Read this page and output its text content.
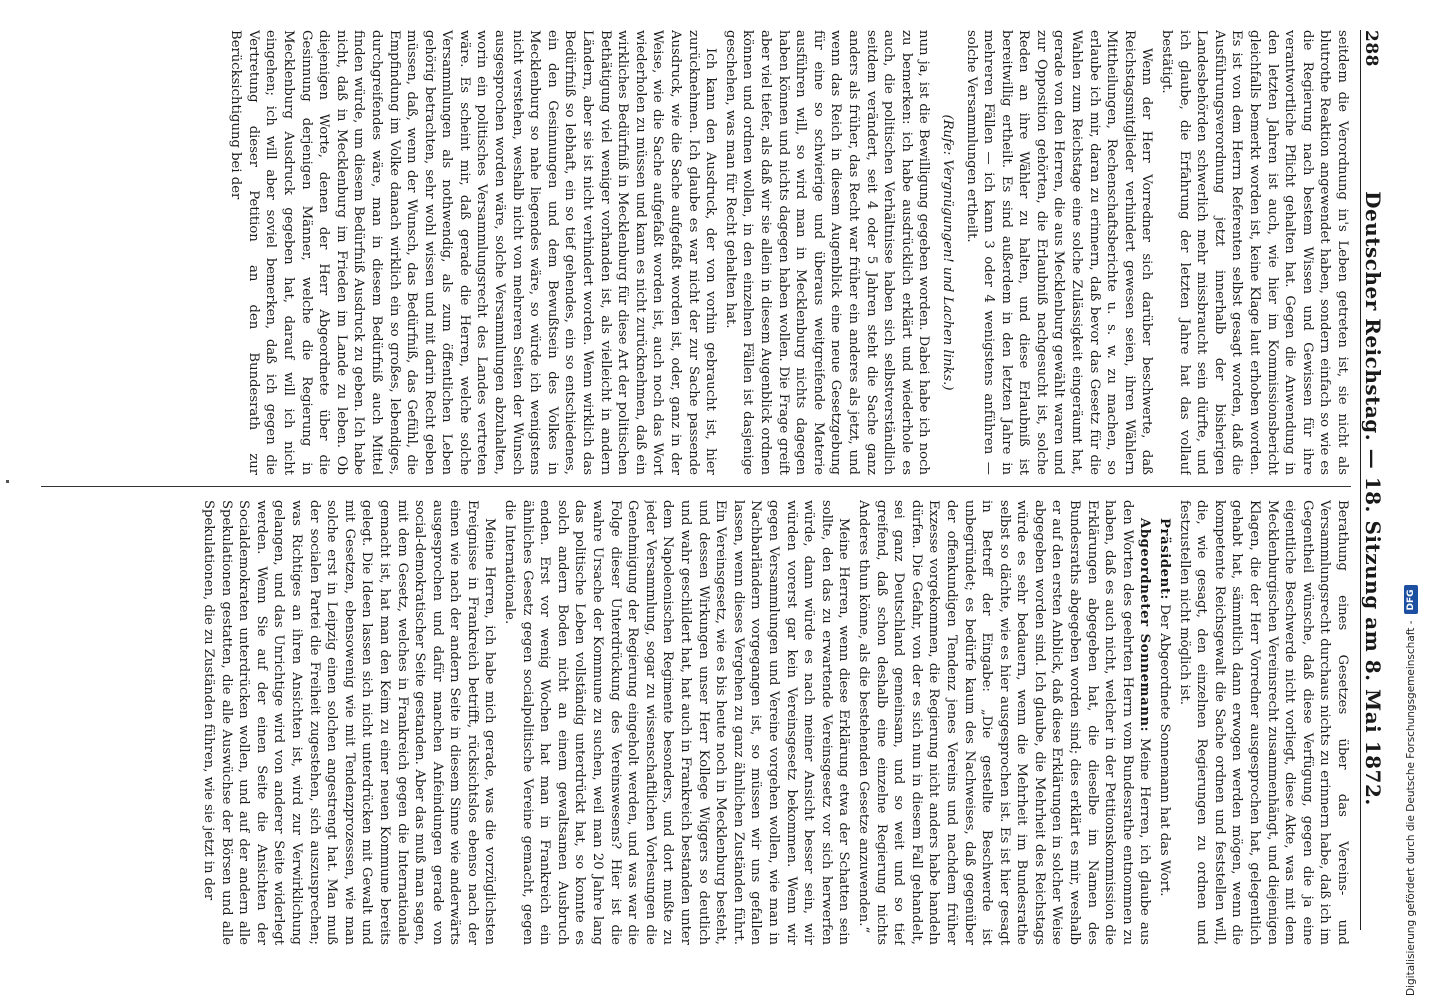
288
Deutscher Reichstag. — 18. Sitzung am 8. Mai 1872.

seitdem die Verordnung in's Leben getreten ist, sie nicht als blutrothe Reaktion angewendet haben, sondern einfach so wie es die Regierung nach bestem Wissen und Gewissen für ihre verantwortliche Pflicht gehalten hat. Gegen die Anwendung in den letzten Jahren ist auch, wie hier im Kommissionsbericht gleichfalls bemerkt worden ist, keine Klage laut erhoben worden. Es ist von dem Herrn Referenten selbst gesagt worden, daß die Ausführungsverordnung jetzt innerhalb der bisherigen Landesbehörden schwerlich mehr missbraucht sein dürfte, und ich glaube, die Erfahrung der letzten Jahre hat das vollauf bestätigt.

Wenn der Herr Vorredner sich darüber beschwerte, daß Reichstagsmitglieder verhindert gewesen seien, ihren Wählern Mittheilungen, Rechenschaftsberichte u. s. w. zu machen, so erlaube ich mir, daran zu erinnern, daß bevor das Gesetz für die Wahlen zum Reichstage eine solche Zulässigkeit eingeräumt hat, gerade von den Herren, die aus Mecklenburg gewählt waren und zur Opposition gehörten, die Erlaubniß nachgesucht ist, solche Reden an ihre Wähler zu halten, und diese Erlaubniß ist bereitwillig ertheilt. Es sind außerdem in den letzten Jahre in mehreren Fällen — ich kann 3 oder 4 wenigstens anführen — solche Versammlungen ertheilt.

(Rufe: Vergnügungen! und Lachen links.)

nun ja, ist die Bewilligung gegeben worden. Dabei habe ich noch zu bemerken: ich habe ausdrücklich erklärt und wiederhole es auch, die politischen Verhältnisse haben sich selbstverständlich seitdem verändert, seit 4 oder 5 Jahren steht die Sache ganz anders als früher, das Recht war früher ein anderes als jetzt, und wenn das Reich in diesem Augenblick eine neue Gesetzgebung für eine so schwierige und überaus weitgreifende Materie ausführen will, so wird man in Mecklenburg nichts dagegen haben können und nichts dagegen haben wollen. Die Frage greift aber viel tiefer, als daß wir sie allein in diesem Augenblick ordnen können und ordnen wollen, in den einzelnen Fällen ist dasjenige geschehen, was man für Recht gehalten hat.

Ich kann den Ausdruck, der von vorhin gebraucht ist, hier zurücknehmen. Ich glaube es war nicht der zur Sache passende Ausdruck, wie die Sache aufgefaßt worden ist, oder, ganz in der Weise, wie die Sache aufgefaßt worden ist, auch noch das Wort wiederholen zu müssen und kann es nicht zurücknehmen, daß ein wirkliches Bedürfniß in Mecklenburg für diese Art der politischen Bethätigung viel weniger vorhanden ist, als vielleicht in andern Ländern, aber sie ist nicht verhindert worden. Wenn wirklich das Bedürfniß so lebhaft, ein so tief gehendes, ein so entschiedenes, ein den Gesinnungen und dem Bewußtsein des Volkes in Mecklenburg so nahe liegendes wäre, so würde ich wenigstens nicht verstehen, weshalb nicht von mehreren Seiten der Wunsch ausgesprochen worden wäre, solche Versammlungen abzuhalten, worin ein politisches Versammlungsrecht des Landes vertreten wäre. Es scheint mir, daß gerade die Herren, welche solche Versammlungen als nothwendig, als zum öffentlichen Leben gehörig betrachten, sehr wohl wissen und mit darin Recht geben müssen, daß, wenn der Wunsch, das Bedürfniß, das Gefühl, die Empfindung im Volke danach wirklich ein so großes, lebendiges, durchgreifendes wäre, man in diesem Bedürfniß auch Mittel finden würde, um diesem Bedürfniß Ausdruck zu geben. Ich habe nicht, daß in Mecklenburg im Frieden im Lande zu leben. Ob diejenigen Worte, denen der Herr Abgeordnete über die Gesinnung derjenigen Männer, welche die Regierung in Mecklenburg Ausdruck gegeben hat, darauf will ich nicht eingehen; ich will aber soviel bemerken, daß ich gegen die Vertretung dieser Petition an den Bundesrath zur Berücksichtigung bei der

Berathung eines Gesetzes über das Vereins- und Versammlungsrecht durchaus nichts zu erinnern habe, daß ich im Gegentheil wünsche, daß diese Verfügung, gegen die ja eine eigentliche Beschwerde nicht vorliegt, diese Akte, was mit dem Mecklenburgischen Vereinsrecht zusammenhängt, und diejenigen Klagen, die der Herr Vorredner ausgesprochen hat, gelegentlich gehabt hat, sämmtlich dann erwogen werden mögen, wenn die kompetente Reichsgewalt die Sache ordnen und feststellen will, die, wie gesagt, den einzelnen Regierungen zu ordnen und festzustellen nicht möglich ist.

Präsident: Der Abgeordnete Sonnemann hat das Wort.

Abgeordneter Sonnemann: Meine Herren, ich glaube aus den Worten des geehrten Herrn vom Bundesrathe entnommen zu haben, daß es auch nicht, welcher in der Petitionskommission die Erklärungen abgegeben hat, die dieselbe im Namen des Bundesraths abgegeben worden sind; dies erklärt es mir, weshalb er auf den ersten Anblick, daß diese Erklärungen in solcher Weise abgegeben worden sind. Ich glaube, die Mehrheit des Reichstags würde es sehr bedauern, wenn die Mehrheit im Bundesrathe selbst so dächte, wie es hier ausgesprochen ist. Es ist hier gesagt in Betreff der Eingabe: „Die gestellte Beschwerde ist unbegründet; es bedürfe kaum des Nachweises, daß gegenüber der offenkundigen Tendenz jenes Vereins und nachdem früher Exzesse vorgekommen, die Regierung nicht anders habe handeln dürfen. Die Gefahr, von der es sich nun in diesem Fall gehandelt, sei ganz Deutschland gemeinsam, und so weit und so tief greifend, daß schon deshalb eine einzelne Regierung nichts Anderes thun könne, als die bestehenden Gesetze anzuwenden.“

Meine Herren, wenn diese Erklärung etwa der Schatten sein sollte, den das zu erwartende Vereinsgesetz vor sich herwerfen würde, dann würde es nach meiner Ansicht besser sein, wir würden vorerst gar kein Vereinsgesetz bekommen. Wenn wir gegen Versammlungen und Vereine vorgehen wollen, wie man in Nachbarländern vorgegangen ist, so müssen wir uns gefallen lassen, wenn dieses Vergehen zu ganz ähnlichen Zuständen führt. Ein Vereinsgesetz, wie es bis heute noch in Mecklenburg besteht, und dessen Wirkungen unser Herr Kollege Wiggers so deutlich und wahr geschildert hat, hat auch in Frankreich bestanden unter dem Napoleonischen Regimente besonders, und dort mußte zu jeder Versammlung, sogar zu wissenschaftlichen Vorlesungen die Genehmigung der Regierung eingeholt werden, und was war die Folge dieser Unterdrückung des Vereinswesens? Hier ist die wahre Ursache der Kommune zu suchen, weil man 20 Jahre lang das politische Leben vollständig unterdrückt hat, so konnte es solch andern Boden nicht an einem gewaltsamen Ausbruch enden. Erst vor wenig Wochen hat man in Frankreich ein ähnliches Gesetz gegen socialpolitische Vereine gemacht, gegen die Internationale.

Meine Herren, ich habe mich gerade, was die vorzüglichsten Ereignisse in Frankreich betrifft, rücksichtslos ebenso nach der einen wie nach der andern Seite in diesem Sinne wie anderwärts ausgesprochen und dafür manchen Anfeindungen gerade von social-demokratischer Seite gestanden. Aber das muß man sagen, mit dem Gesetz, welches in Frankreich gegen die Internationale gemacht ist, hat man den Keim zu einer neuen Kommune bereits gelegt. Die Ideen lassen sich nicht unterdrücken mit Gewalt und mit Gesetzen, ebensowenig wie mit Tendenzprozessen, wie man solche erst in Leipzig einen solchen angestrengt hat. Man muß der socialen Partei die Freiheit zugestehen, sich auszusprechen; was Richtiges an ihren Ansichten ist, wird zur Verwirklichung gelangen, und das Unrichtige wird von anderer Seite widerlegt werden. Wenn Sie auf der einen Seite die Ansichten der Socialdemokraten unterdrücken wollen, und auf der andern alle Spekulationen gestatten, die alle Auswüchse der Börsen und alle Spekulationen, die zu Zuständen führen, wie sie jetzt in der	Digitalisierung gefördert durch die Deutsche Forschungsgemeinschaft -
DFG
